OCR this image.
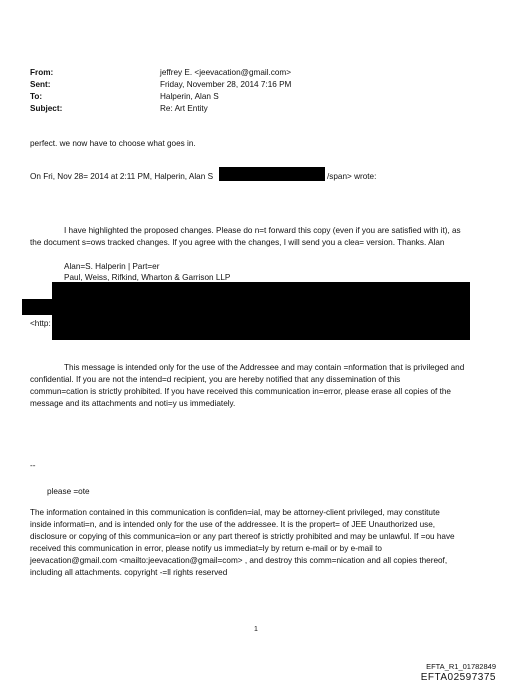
From:	jeffrey E. <jeevacation@gmail.com>
Sent:	Friday, November 28, 2014 7:16 PM
To:	Halperin, Alan S
Subject:	Re: Art Entity
perfect. we now have to choose what goes in.
On Fri, Nov 28= 2014 at 2:11 PM, Halperin, Alan S	/span> wrote:
I have highlighted the proposed changes. Please do n=t forward this copy (even if you are satisfied with it), as
the document s=ows tracked changes. If you agree with the changes, I will send you a clea= version. Thanks. Alan
Alan=S. Halperin | Part=er
Paul, Weiss, Rifkind, Wharton & Garrison LLP
<http:
This message is intended only for the use of the Addressee and may contain =nformation that is privileged and
confidential. If you are not the intend=d recipient, you are hereby notified that any dissemination of this
commun=cation is strictly prohibited. If you have received this communication in=error, please erase all copies of the
message and its attachments and noti=y us immediately.
--
please =ote
The information contained in this communication is confiden=ial, may be attorney-client privileged, may constitute
inside informati=n, and is intended only for the use of the addressee. It is the propert= of JEE Unauthorized use,
disclosure or copying of this communica=ion or any part thereof is strictly prohibited and may be unlawful. If =ou have
received this communication in error, please notify us immediat=ly by return e-mail or by e-mail to
jeevacation@gmail.com <mailto:jeevacation@gmail=com> , and destroy this comm=nication and all copies thereof,
including all attachments. copyright -=ll rights reserved
1
EFTA_R1_01782849
EFTA02597375
